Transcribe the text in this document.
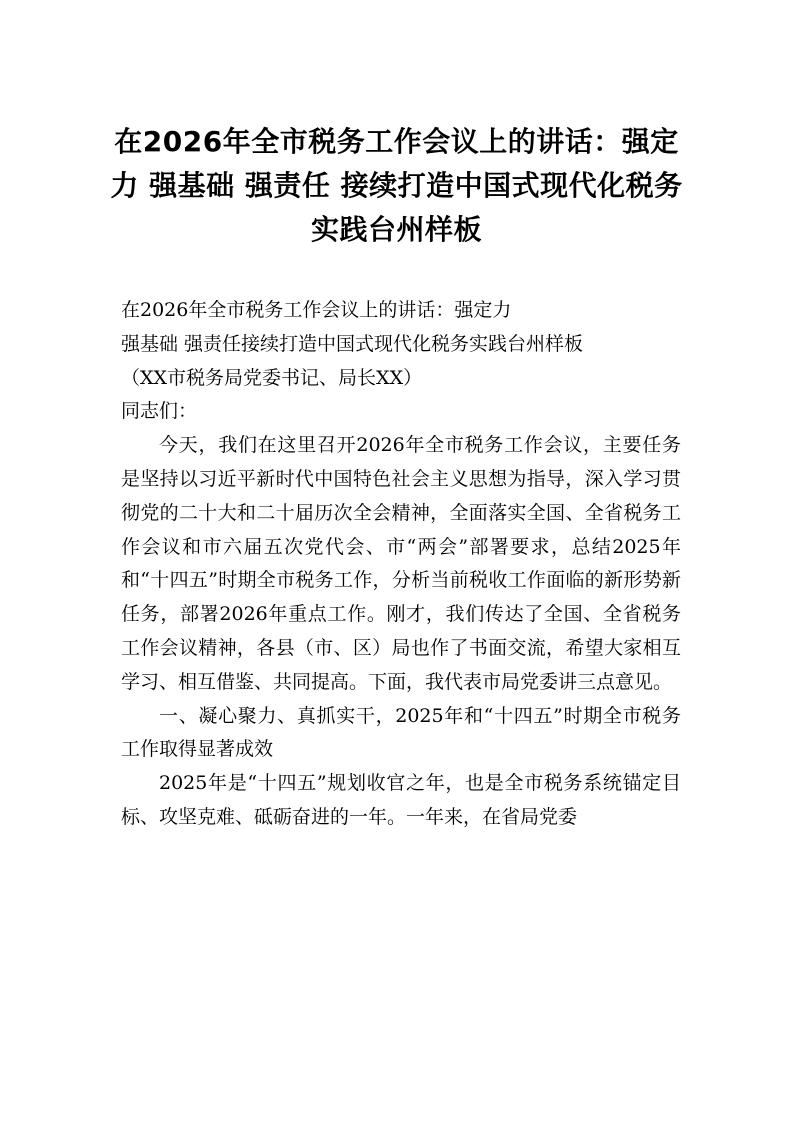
在2026年全市税务工作会议上的讲话：强定力 强基础 强责任 接续打造中国式现代化税务实践台州样板

在2026年全市税务工作会议上的讲话：强定力

强基础 强责任接续打造中国式现代化税务实践台州样板

（XX市税务局党委书记、局长XX）

同志们：

今天，我们在这里召开2026年全市税务工作会议，主要任务是坚持以习近平新时代中国特色社会主义思想为指导，深入学习贯彻党的二十大和二十届历次全会精神，全面落实全国、全省税务工作会议和市六届五次党代会、市“两会”部署要求，总结2025年和“十四五”时期全市税务工作，分析当前税收工作面临的新形势新任务，部署2026年重点工作。刚才，我们传达了全国、全省税务工作会议精神，各县（市、区）局也作了书面交流，希望大家相互学习、相互借鉴、共同提高。下面，我代表市局党委讲三点意见。

一、凝心聚力、真抓实干，2025年和“十四五”时期全市税务工作取得显著成效

2025年是“十四五”规划收官之年，也是全市税务系统锚定目标、攻坚克难、砥砺奋进的一年。一年来，在省局党委
